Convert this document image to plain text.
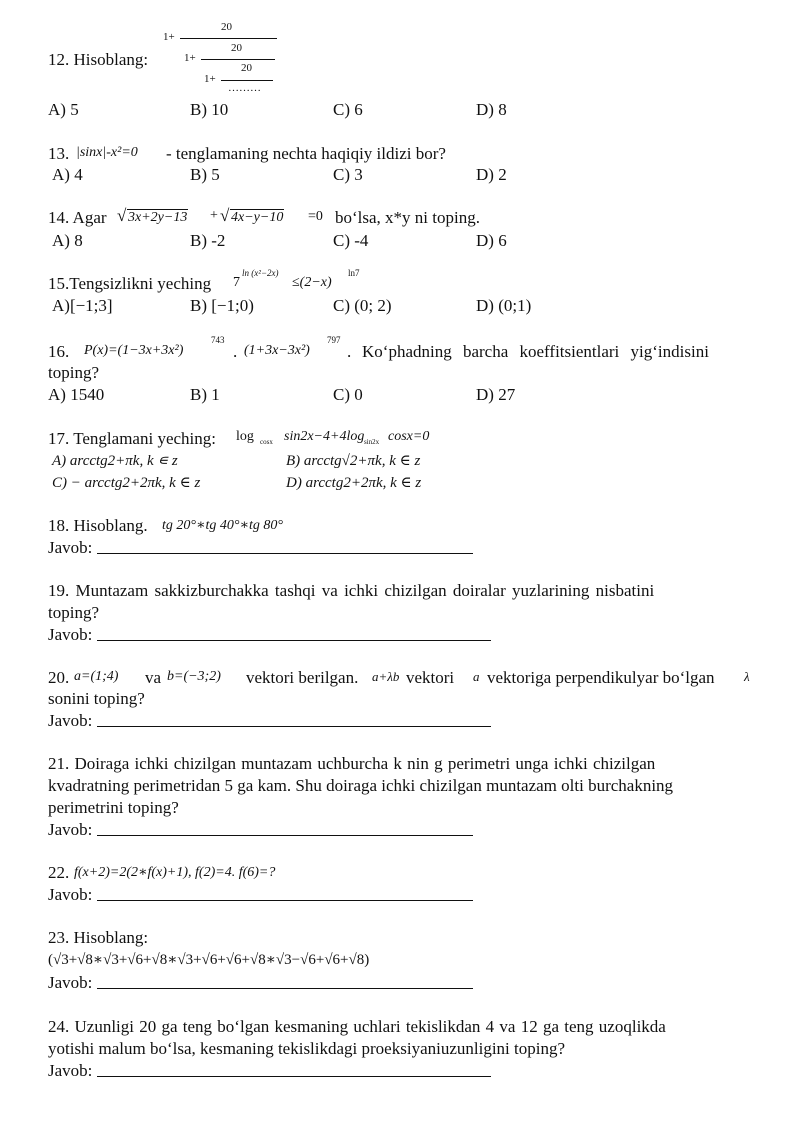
12. Hisoblang:
1+
20
1+
20
1+
20
………
A) 5	B) 10	C) 6	D) 8
13. |sinx|-x²=0 - tenglamaning nechta haqiqiy ildizi bor?
A) 4	B) 5	C) 3	D) 2
14. Agar √ 3x+2y−13 + √ 4x−y−10 =0 bo‘lsa, x*y ni toping.
A) 8	B) -2	C) -4	D) 6
15.Tengsizlikni yeching 7
ln (x²−2x)
≤(2−x)
ln7
A)[−1;3]	B) [−1;0)	C) (0; 2)	D) (0;1)
16. P(x)=(1−3x+3x²)
743
. (1+3x−3x²)
797
. Ko‘phadning barcha koeffitsientlari yig‘indisini
toping?
A) 1540	B) 1	C) 0	D) 27
17. Tenglamani yeching: log cosx sin2x−4+4log sin2x cosx=0
A) arcctg2+πk, k ∊ z	B) arcctg√2+πk, k ∈ z
C) − arcctg2+2πk, k ∈ z	D) arcctg2+2πk, k ∈ z
18. Hisoblang. tg 20°∗tg 40°∗tg 80°
Javob:
19. Muntazam sakkizburchakka tashqi va ichki chizilgan doiralar yuzlarining nisbatini
toping?
Javob:
20. a=(1;4) va b=(−3;2) vektori berilgan. a+λb vektori a vektoriga perpendikulyar bo‘lgan λ
sonini toping?
Javob:
21. Doiraga ichki chizilgan muntazam uchburcha k nin g perimetri unga ichki chizilgan
kvadratning perimetridan 5 ga kam. Shu doiraga ichki chizilgan muntazam olti burchakning
perimetrini toping?
Javob:
22. f(x+2)=2(2∗f(x)+1), f(2)=4. f(6)=?
Javob:
23. Hisoblang:
(√3+√8∗√3+√6+√8∗√3+√6+√6+√8∗√3−√6+√6+√8)
Javob:
24. Uzunligi 20 ga teng bo‘lgan kesmaning uchlari tekislikdan 4 va 12 ga teng uzoqlikda
yotishi malum bo‘lsa, kesmaning tekislikdagi proeksiyaniuzunligini toping?
Javob:
